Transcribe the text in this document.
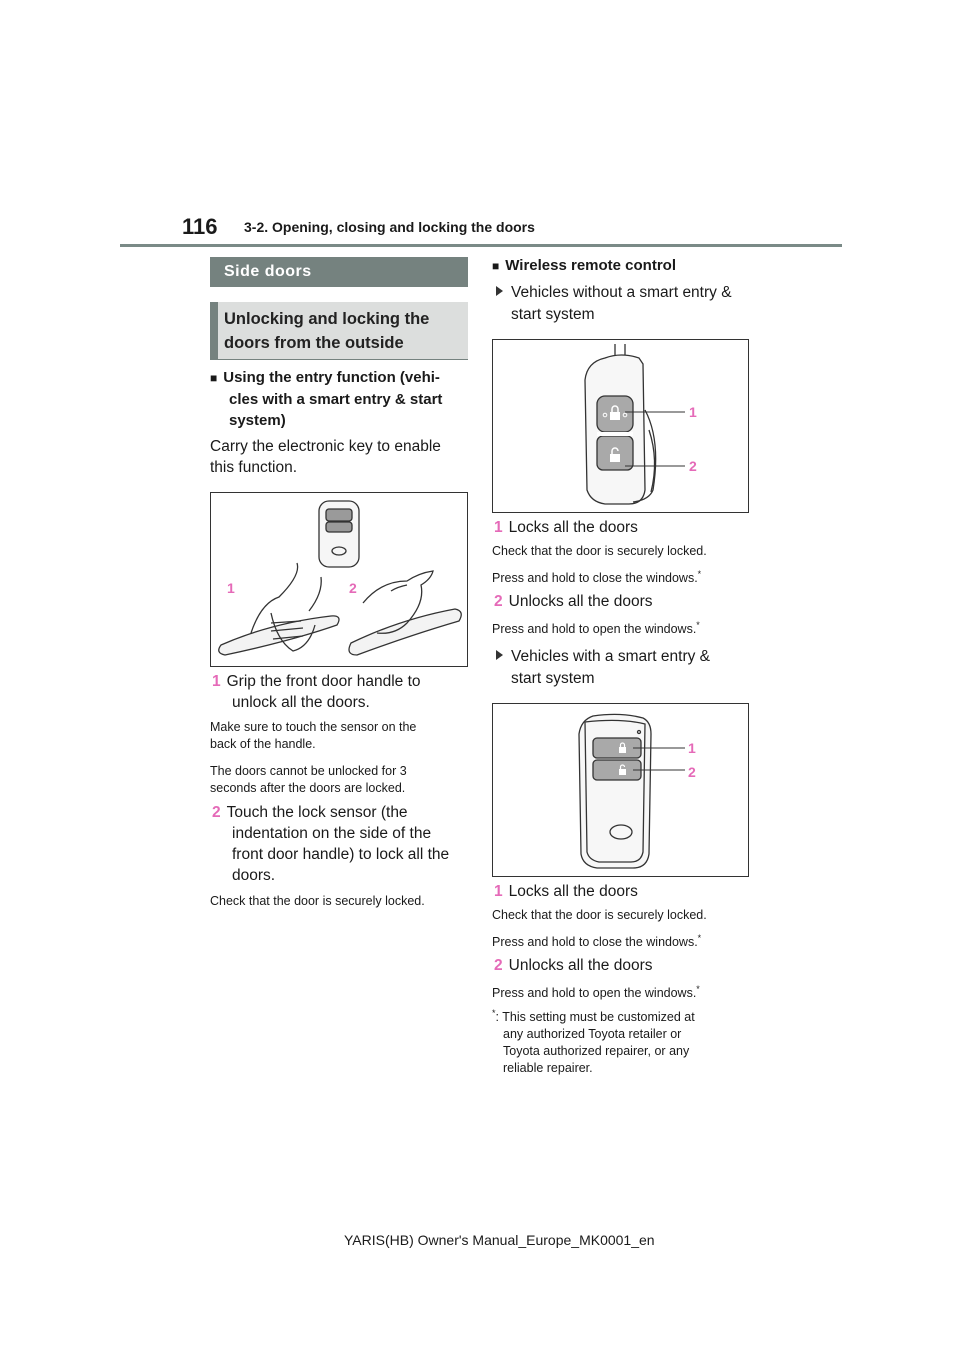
116 3-2. Opening, closing and locking the doors
Side doors
Unlocking and locking the doors from the outside
■ Using the entry function (vehi-
cles with a smart entry & start
system)
Carry the electronic key to enable
this function.
1	2
1 Grip the front door handle to
unlock all the doors.
Make sure to touch the sensor on the
back of the handle.
The doors cannot be unlocked for 3
seconds after the doors are locked.
2 Touch the lock sensor (the
indentation on the side of the
front door handle) to lock all the
doors.
Check that the door is securely locked.
■ Wireless remote control
Vehicles without a smart entry &
start system
1
2
1 Locks all the doors
Check that the door is securely locked.
Press and hold to close the windows.*
2 Unlocks all the doors
Press and hold to open the windows.*
Vehicles with a smart entry &
start system
1
2
1 Locks all the doors
Check that the door is securely locked.
Press and hold to close the windows.*
2 Unlocks all the doors
Press and hold to open the windows.*
*: This setting must be customized at
any authorized Toyota retailer or
Toyota authorized repairer, or any
reliable repairer.
YARIS(HB) Owner's Manual_Europe_MK0001_en
